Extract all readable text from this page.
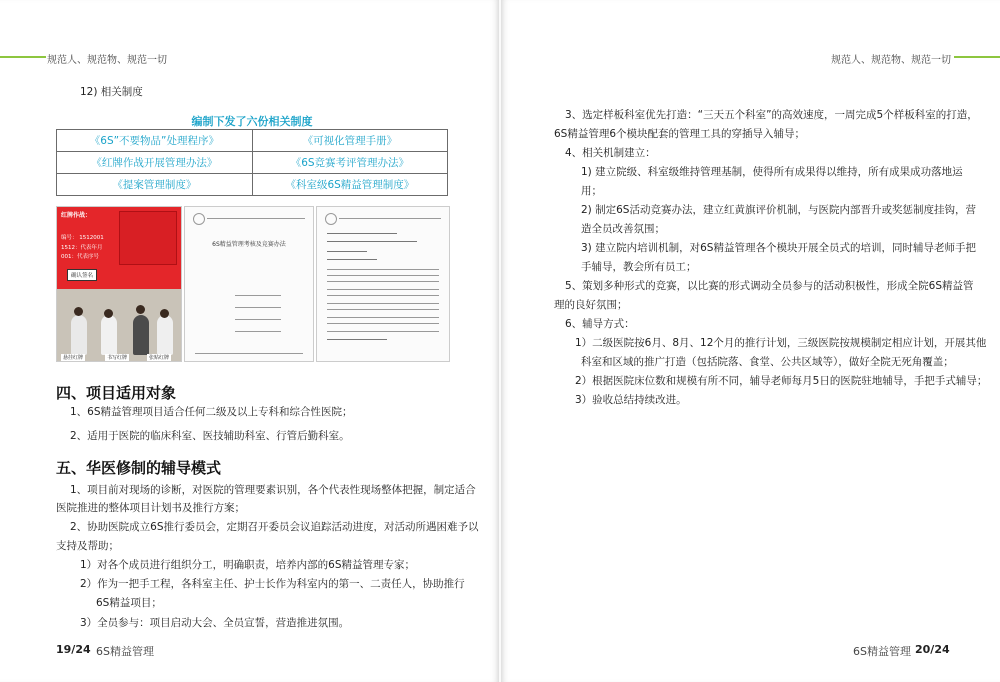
规范人、规范物、规范一切
12) 相关制度
编制下发了六份相关制度
《6S”不要物品”处理程序》	《可视化管理手册》
《红牌作战开展管理办法》	《6S竞赛考评管理办法》
《提案管理制度》	《科室级6S精益管理制度》
红牌作战：
编号： 1512001
1512：代表年月
001：代表序号
确认签名
悬挂红牌	书写红牌	张贴红牌
6S精益管理考核及竞赛办法
四、项目适用对象
1、6S精益管理项目适合任何二级及以上专科和综合性医院；
2、适用于医院的临床科室、医技辅助科室、行管后勤科室。
五、华医修制的辅导模式
1、项目前对现场的诊断，对医院的管理要素识别，各个代表性现场整体把握，制定适合
医院推进的整体项目计划书及推行方案；
2、协助医院成立6S推行委员会，定期召开委员会议追踪活动进度，对活动所遇困难予以
支持及帮助；
1）对各个成员进行组织分工，明确职责，培养内部的6S精益管理专家；
2）作为一把手工程，各科室主任、护士长作为科室内的第一、二责任人，协助推行
6S精益项目；
3）全员参与：项目启动大会、全员宣誓，营造推进氛围。
19/24 6S精益管理
规范人、规范物、规范一切
3、选定样板科室优先打造：“三天五个科室”的高效速度，一周完成5个样板科室的打造，
6S精益管理6个模块配套的管理工具的穿插导入辅导；
4、相关机制建立：
1) 建立院级、科室级维持管理基制，使得所有成果得以维持，所有成果成功落地运
用；
2) 制定6S活动竞赛办法，建立红黄旗评价机制，与医院内部晋升或奖惩制度挂钩，营
造全员改善氛围；
3) 建立院内培训机制，对6S精益管理各个模块开展全员式的培训，同时辅导老师手把
手辅导，教会所有员工；
5、策划多种形式的竞赛，以比赛的形式调动全员参与的活动积极性，形成全院6S精益管
理的良好氛围；
6、辅导方式：
1）二级医院按6月、8月、12个月的推行计划，三级医院按规模制定相应计划，开展其他
科室和区域的推广打造（包括院落、食堂、公共区域等），做好全院无死角覆盖；
2）根据医院床位数和规模有所不同，辅导老师每月5日的医院驻地辅导，手把手式辅导；
3）验收总结持续改进。
6S精益管理 20/24
